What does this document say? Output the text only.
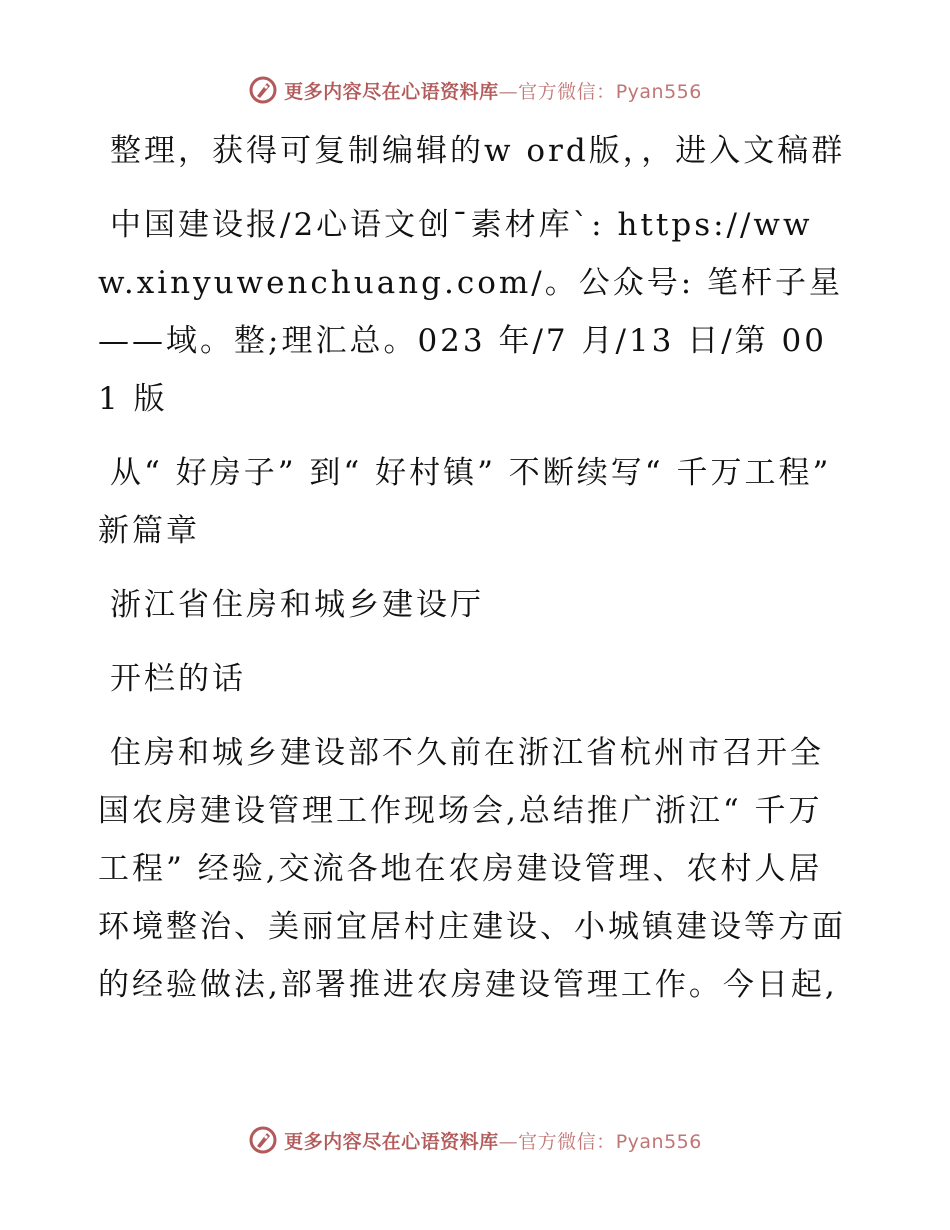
更多内容尽在心语资料库—官方微信：Pyan556

整理，获得可复制编辑的w ord版，，进入文稿群

中国建设报/2心语文创¯素材库`: https://www.xinyuwenchuang.com/。公众号: 笔杆子星——域。整;理汇总。023 年/7 月/13 日/第 001 版

从“ 好房子” 到“ 好村镇” 不断续写“ 千万工程” 新篇章

浙江省住房和城乡建设厅

开栏的话

住房和城乡建设部不久前在浙江省杭州市召开全国农房建设管理工作现场会,总结推广浙江“ 千万工程” 经验,交流各地在农房建设管理、农村人居环境整治、美丽宜居村庄建设、小城镇建设等方面的经验做法,部署推进农房建设管理工作。今日起,

更多内容尽在心语资料库—官方微信：Pyan556
